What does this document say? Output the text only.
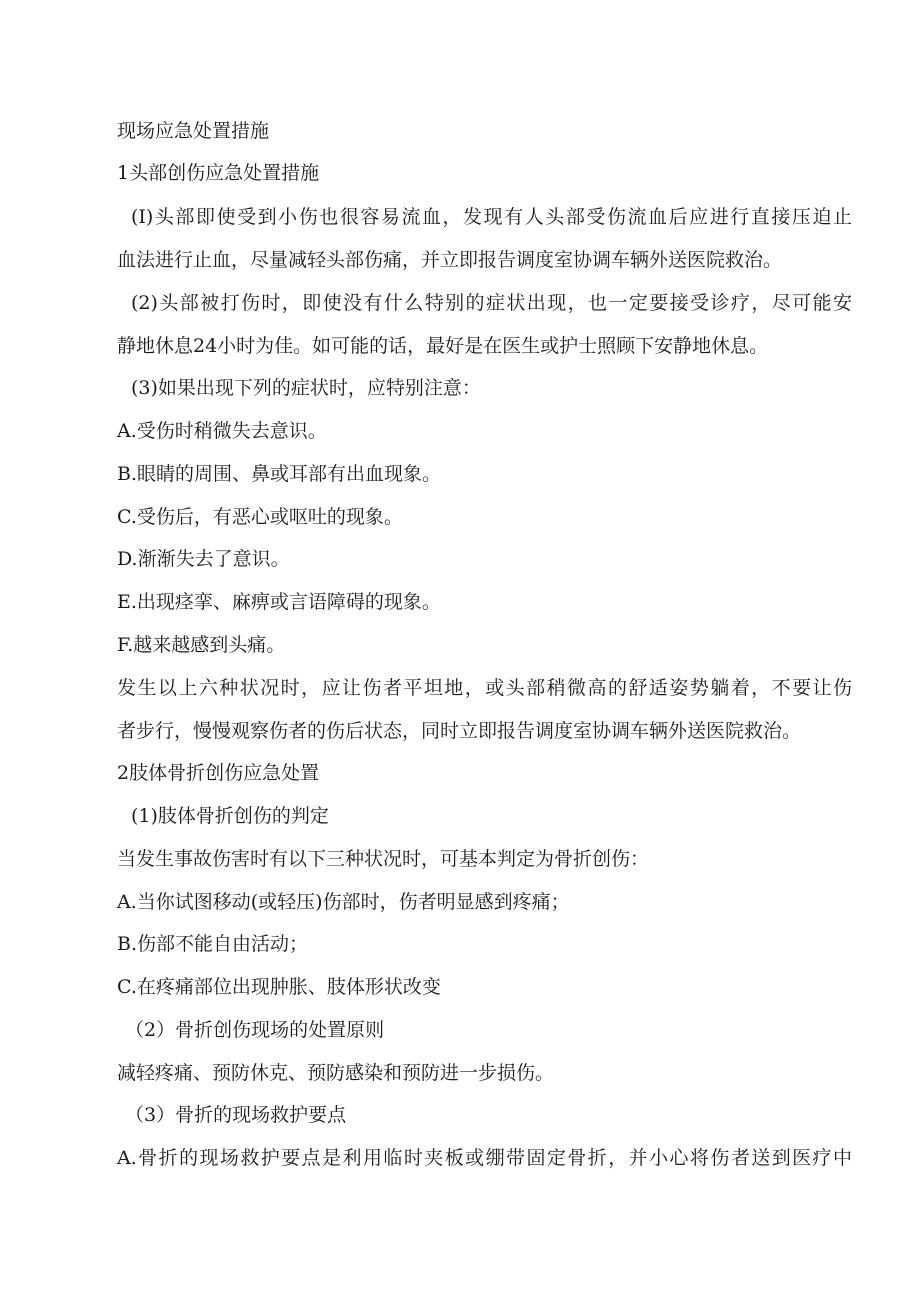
现场应急处置措施
1头部创伤应急处置措施
(I)头部即使受到小伤也很容易流血，发现有人头部受伤流血后应进行直接压迫止
血法进行止血，尽量减轻头部伤痛，并立即报告调度室协调车辆外送医院救治。
(2)头部被打伤时，即使没有什么特别的症状出现，也一定要接受诊疗，尽可能安
静地休息24小时为佳。如可能的话，最好是在医生或护士照顾下安静地休息。
(3)如果出现下列的症状时，应特别注意：
A.受伤时稍微失去意识。
B.眼睛的周围、鼻或耳部有出血现象。
C.受伤后，有恶心或呕吐的现象。
D.渐渐失去了意识。
E.出现痉挛、麻痹或言语障碍的现象。
F.越来越感到头痛。
发生以上六种状况时，应让伤者平坦地，或头部稍微高的舒适姿势躺着，不要让伤
者步行，慢慢观察伤者的伤后状态，同时立即报告调度室协调车辆外送医院救治。
2肢体骨折创伤应急处置
(1)肢体骨折创伤的判定
当发生事故伤害时有以下三种状况时，可基本判定为骨折创伤：
A.当你试图移动(或轻压)伤部时，伤者明显感到疼痛；
B.伤部不能自由活动；
C.在疼痛部位出现肿胀、肢体形状改变
（2）骨折创伤现场的处置原则
减轻疼痛、预防休克、预防感染和预防进一步损伤。
（3）骨折的现场救护要点
A.骨折的现场救护要点是利用临时夹板或绷带固定骨折，并小心将伤者送到医疗中
